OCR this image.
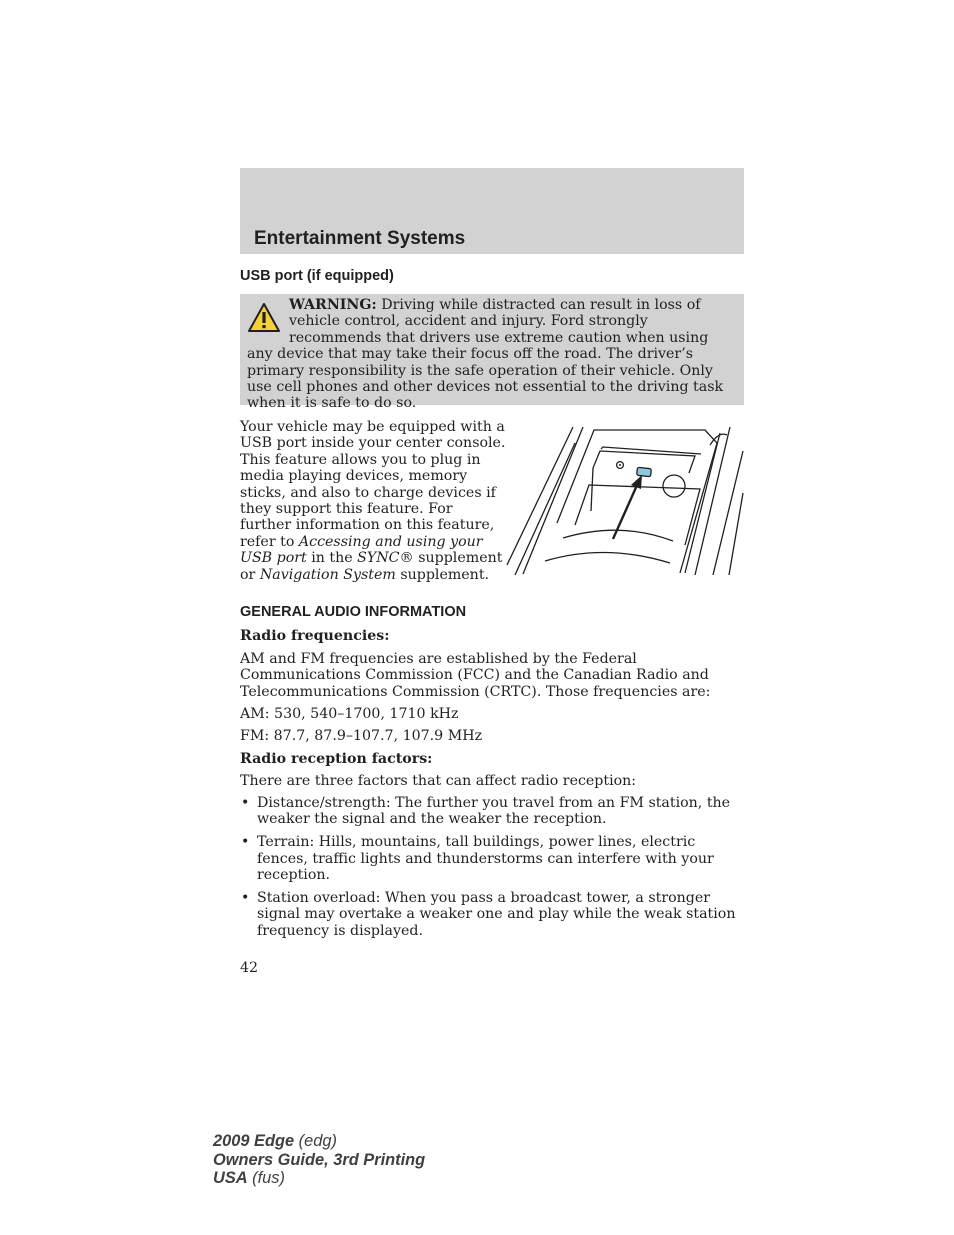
Entertainment Systems
USB port (if equipped)
WARNING: Driving while distracted can result in loss of vehicle control, accident and injury. Ford strongly recommends that drivers use extreme caution when using any device that may take their focus off the road. The driver’s primary responsibility is the safe operation of their vehicle. Only use cell phones and other devices not essential to the driving task when it is safe to do so.
Your vehicle may be equipped with a
USB port inside your center console.
This feature allows you to plug in
media playing devices, memory
sticks, and also to charge devices if
they support this feature. For
further information on this feature,
refer to Accessing and using your
USB port in the SYNC® supplement
or Navigation System supplement.
GENERAL AUDIO INFORMATION

Radio frequencies:

AM and FM frequencies are established by the Federal Communications Commission (FCC) and the Canadian Radio and Telecommunications Commission (CRTC). Those frequencies are:

AM: 530, 540–1700, 1710 kHz

FM: 87.7, 87.9–107.7, 107.9 MHz

Radio reception factors:

There are three factors that can affect radio reception:

• Distance/strength: The further you travel from an FM station, the weaker the signal and the weaker the reception.
• Terrain: Hills, mountains, tall buildings, power lines, electric fences, traffic lights and thunderstorms can interfere with your reception.
• Station overload: When you pass a broadcast tower, a stronger signal may overtake a weaker one and play while the weak station frequency is displayed.

42

2009 Edge (edg)
Owners Guide, 3rd Printing
USA (fus)
